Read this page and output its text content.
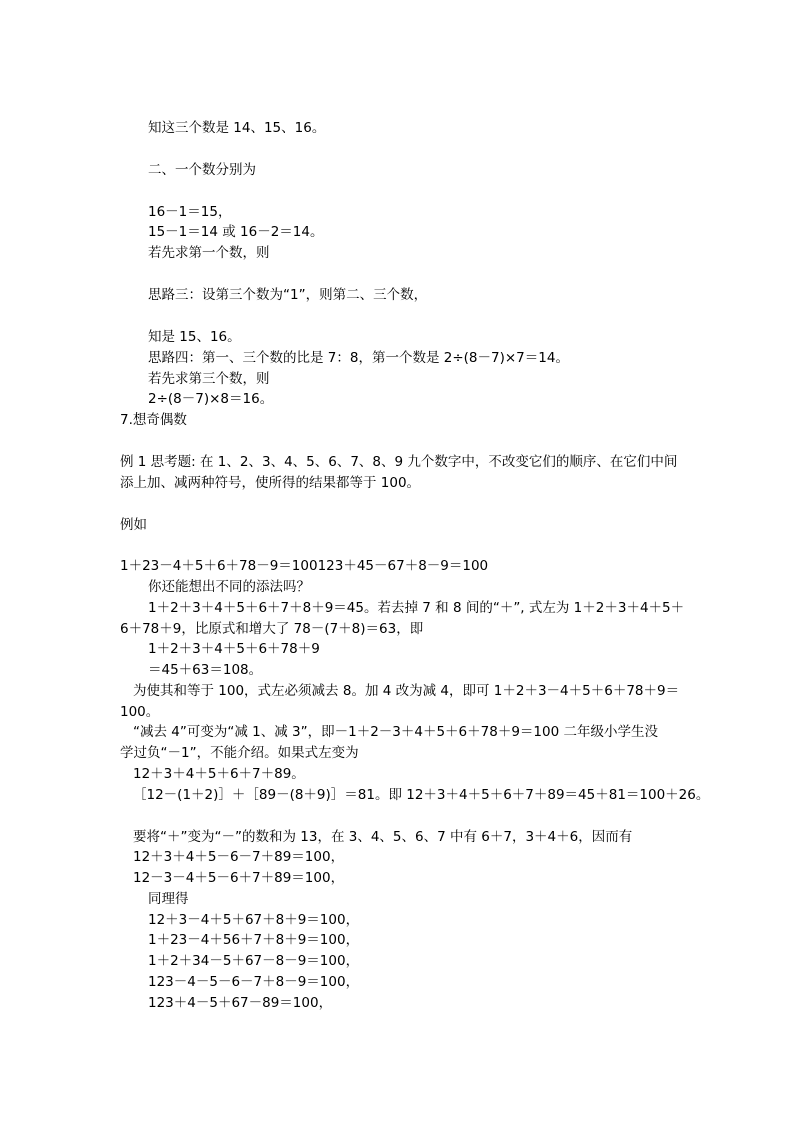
知这三个数是 14、15、16。
二、一个数分别为
16－1＝15，
15－1＝14 或 16－2＝14。
若先求第一个数，则
思路三：设第三个数为“1”，则第二、三个数，
知是 15、16。
思路四：第一、三个数的比是 7：8，第一个数是 2÷(8－7)×7＝14。
若先求第三个数，则
2÷(8－7)×8＝16。
7.想奇偶数
例 1 思考题: 在 1、2、3、4、5、6、7、8、9 九个数字中，不改变它们的顺序、在它们中间
添上加、减两种符号，使所得的结果都等于 100。
例如
1＋23－4＋5＋6＋78－9＝100123＋45－67＋8－9＝100
你还能想出不同的添法吗？
1＋2＋3＋4＋5＋6＋7＋8＋9＝45。若去掉 7 和 8 间的“＋”, 式左为 1＋2＋3＋4＋5＋
6＋78＋9，比原式和增大了 78－(7＋8)＝63，即
1＋2＋3＋4＋5＋6＋78＋9
＝45＋63＝108。
为使其和等于 100，式左必须减去 8。加 4 改为减 4，即可 1＋2＋3－4＋5＋6＋78＋9＝
100。
“减去 4”可变为“减 1、减 3”，即－1＋2－3＋4＋5＋6＋78＋9＝100 二年级小学生没
学过负“－1”，不能介绍。如果式左变为
12＋3＋4＋5＋6＋7＋89。
［12－(1＋2)］＋［89－(8＋9)］＝81。即 12＋3＋4＋5＋6＋7＋89＝45＋81＝100＋26。
要将“＋”变为“－”的数和为 13，在 3、4、5、6、7 中有 6＋7，3＋4＋6，因而有
12＋3＋4＋5－6－7＋89＝100，
12－3－4＋5－6＋7＋89＝100，
同理得
12＋3－4＋5＋67＋8＋9＝100，
1＋23－4＋56＋7＋8＋9＝100，
1＋2＋34－5＋67－8－9＝100，
123－4－5－6－7＋8－9＝100，
123＋4－5＋67－89＝100，
